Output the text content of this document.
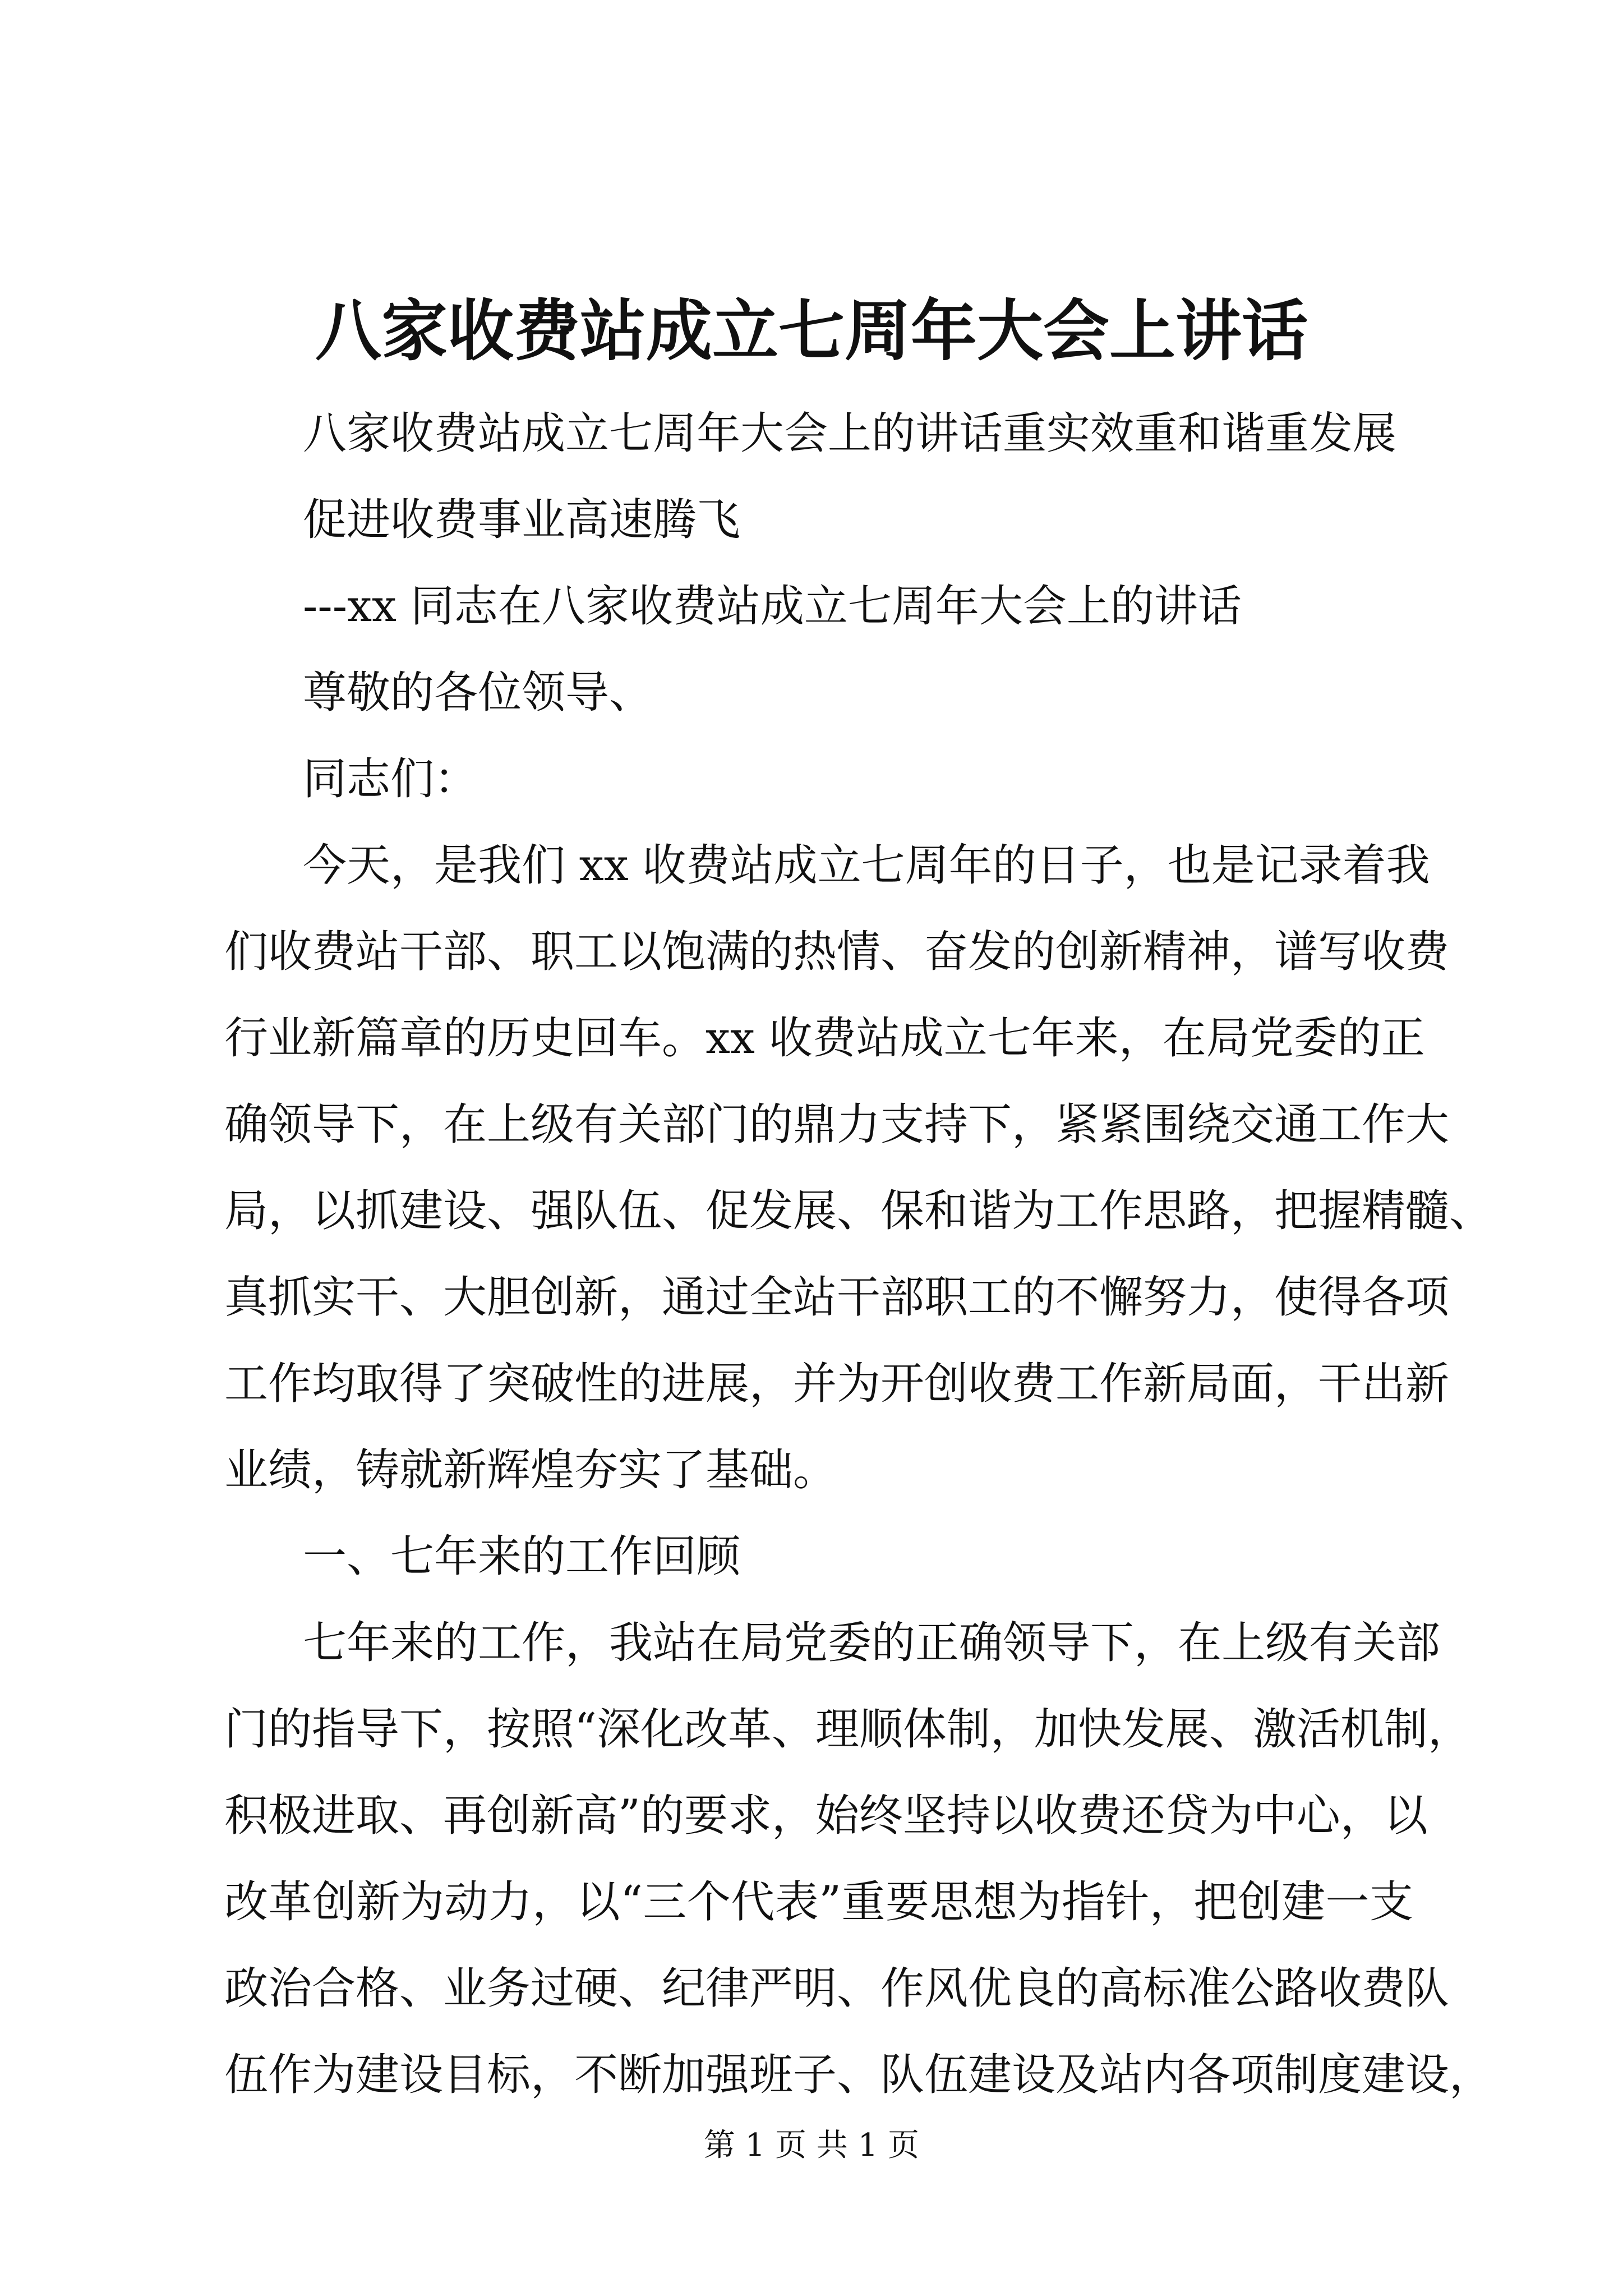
八家收费站成立七周年大会上讲话
八家收费站成立七周年大会上的讲话重实效重和谐重发展
促进收费事业高速腾飞
---xx 同志在八家收费站成立七周年大会上的讲话
尊敬的各位领导、
同志们：
今天，是我们 xx 收费站成立七周年的日子，也是记录着我
们收费站干部、职工以饱满的热情、奋发的创新精神，谱写收费
行业新篇章的历史回车。xx 收费站成立七年来，在局党委的正
确领导下，在上级有关部门的鼎力支持下，紧紧围绕交通工作大
局，以抓建设、强队伍、促发展、保和谐为工作思路，把握精髓、
真抓实干、大胆创新，通过全站干部职工的不懈努力，使得各项
工作均取得了突破性的进展，并为开创收费工作新局面，干出新
业绩，铸就新辉煌夯实了基础。
一、七年来的工作回顾
七年来的工作，我站在局党委的正确领导下，在上级有关部
门的指导下，按照“深化改革、理顺体制，加快发展、激活机制，
积极进取、再创新高”的要求，始终坚持以收费还贷为中心，以
改革创新为动力，以“三个代表”重要思想为指针，把创建一支
政治合格、业务过硬、纪律严明、作风优良的高标准公路收费队
伍作为建设目标，不断加强班子、队伍建设及站内各项制度建设，
第 1 页 共 1 页
